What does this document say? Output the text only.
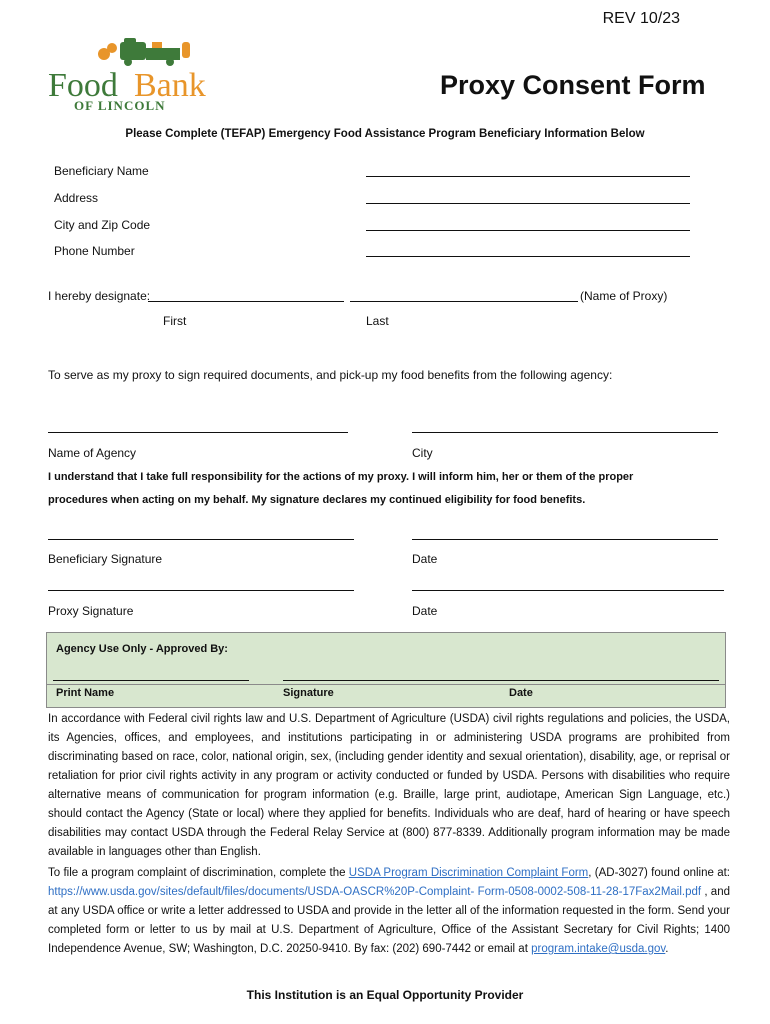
REV 10/23
Food Bank
OF LINCOLN
Proxy Consent Form
Please Complete (TEFAP) Emergency Food Assistance Program Beneficiary Information Below
Beneficiary Name
Address
City and Zip Code
Phone Number
I hereby designate:	(Name of Proxy)
First	Last
To serve as my proxy to sign required documents, and pick-up my food benefits from the following agency:
Name of Agency	City
I understand that I take full responsibility for the actions of my proxy. I will inform him, her or them of the proper
procedures when acting on my behalf. My signature declares my continued eligibility for food benefits.
Beneficiary Signature	Date
Proxy Signature	Date
Agency Use Only - Approved By:
Print Name	Signature	Date
In accordance with Federal civil rights law and U.S. Department of Agriculture (USDA) civil rights regulations and policies, the USDA, its Agencies, offices, and employees, and institutions participating in or administering USDA programs are prohibited from discriminating based on race, color, national origin, sex, (including gender identity and sexual orientation), disability, age, or reprisal or retaliation for prior civil rights activity in any program or activity conducted or funded by USDA. Persons with disabilities who require alternative means of communication for program information (e.g. Braille, large print, audiotape, American Sign Language, etc.) should contact the Agency (State or local) where they applied for benefits. Individuals who are deaf, hard of hearing or have speech disabilities may contact USDA through the Federal Relay Service at (800) 877-8339. Additionally program information may be made available in languages other than English.
To file a program complaint of discrimination, complete the USDA Program Discrimination Complaint Form, (AD-3027) found online at: https://www.usda.gov/sites/default/files/documents/USDA-OASCR%20P-Complaint- Form-0508-0002-508-11-28-17Fax2Mail.pdf , and at any USDA office or write a letter addressed to USDA and provide in the letter all of the information requested in the form. Send your completed form or letter to us by mail at U.S. Department of Agriculture, Office of the Assistant Secretary for Civil Rights; 1400 Independence Avenue, SW; Washington, D.C. 20250-9410. By fax: (202) 690-7442 or email at program.intake@usda.gov.
This Institution is an Equal Opportunity Provider
